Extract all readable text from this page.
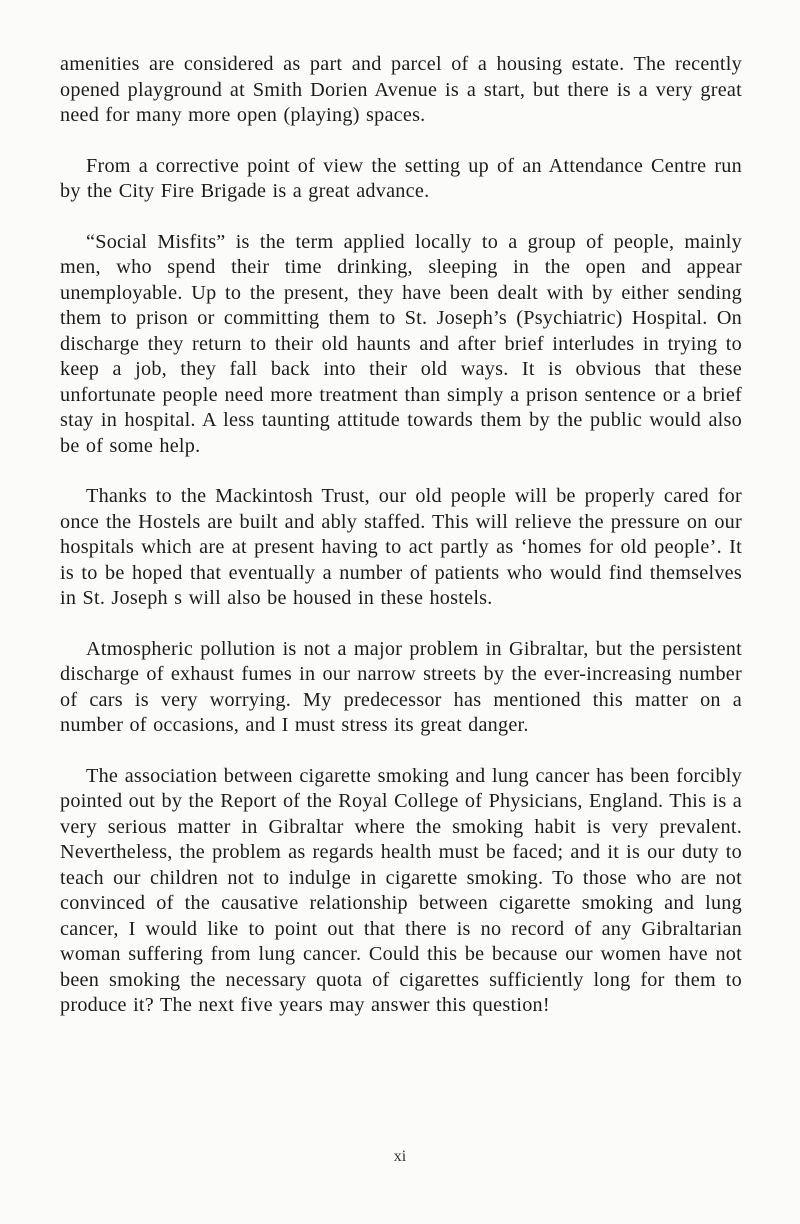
amenities are considered as part and parcel of a housing estate. The recently opened playground at Smith Dorien Avenue is a start, but there is a very great need for many more open (playing) spaces.

From a corrective point of view the setting up of an Attendance Centre run by the City Fire Brigade is a great advance.

“Social Misfits” is the term applied locally to a group of people, mainly men, who spend their time drinking, sleeping in the open and appear unemployable. Up to the present, they have been dealt with by either sending them to prison or committing them to St. Joseph’s (Psychiatric) Hospital. On discharge they return to their old haunts and after brief interludes in trying to keep a job, they fall back into their old ways. It is obvious that these unfortunate people need more treatment than simply a prison sentence or a brief stay in hospital. A less taunting attitude towards them by the public would also be of some help.

Thanks to the Mackintosh Trust, our old people will be properly cared for once the Hostels are built and ably staffed. This will relieve the pressure on our hospitals which are at present having to act partly as ‘homes for old people’. It is to be hoped that eventually a number of patients who would find themselves in St. Joseph s will also be housed in these hostels.

Atmospheric pollution is not a major problem in Gibraltar, but the persistent discharge of exhaust fumes in our narrow streets by the ever-increasing number of cars is very worrying. My predecessor has mentioned this matter on a number of occasions, and I must stress its great danger.

The association between cigarette smoking and lung cancer has been forcibly pointed out by the Report of the Royal College of Physicians, England. This is a very serious matter in Gibraltar where the smoking habit is very prevalent. Nevertheless, the problem as regards health must be faced; and it is our duty to teach our children not to indulge in cigarette smoking. To those who are not convinced of the causative relationship between cigarette smoking and lung cancer, I would like to point out that there is no record of any Gibraltarian woman suffering from lung cancer. Could this be because our women have not been smoking the necessary quota of cigarettes sufficiently long for them to produce it? The next five years may answer this question!

xi
